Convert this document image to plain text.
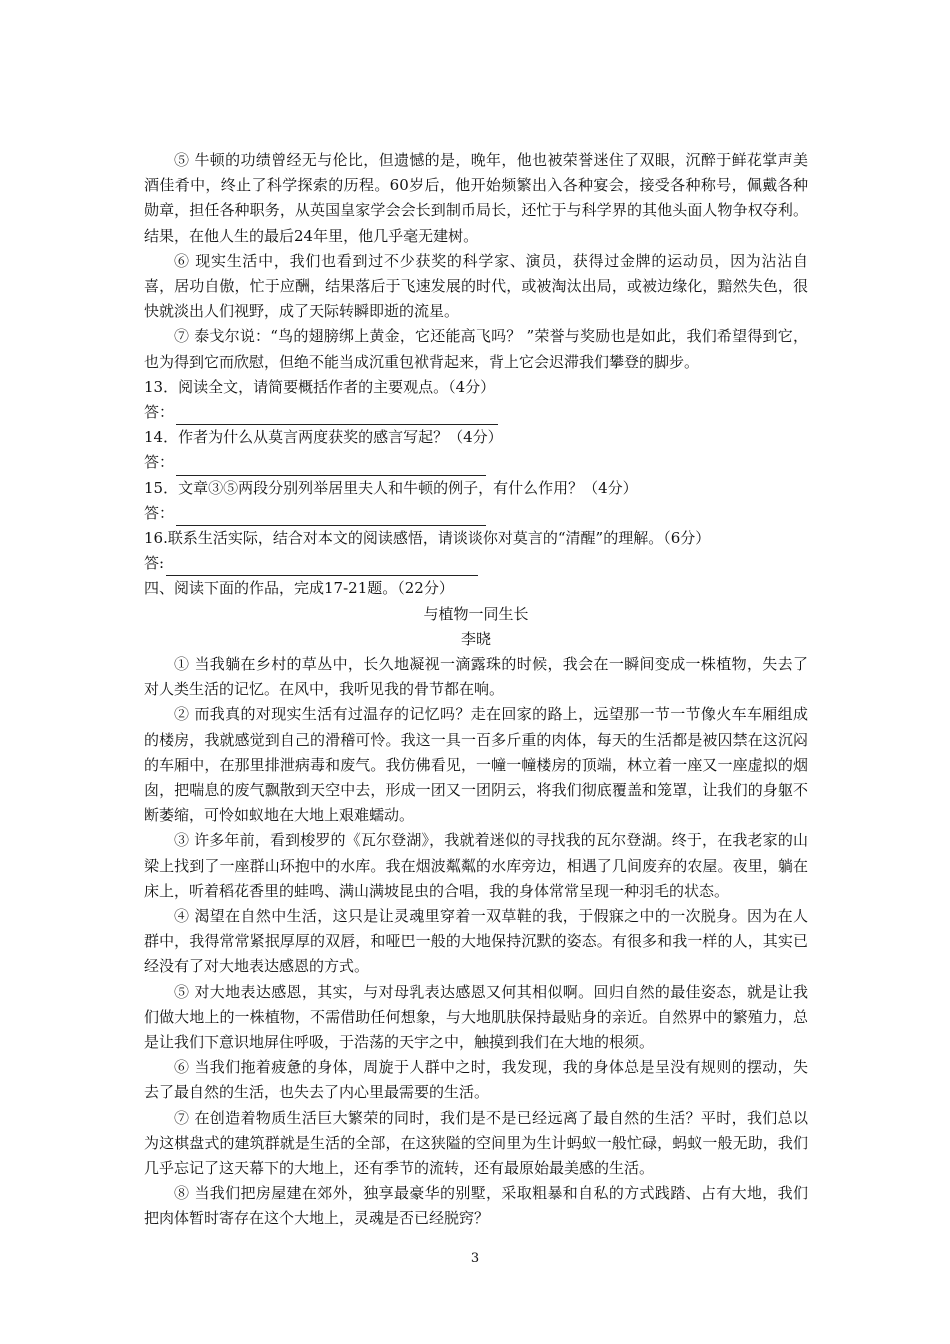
⑤ 牛顿的功绩曾经无与伦比，但遗憾的是，晚年，他也被荣誉迷住了双眼，沉醉于鲜花掌声美酒佳肴中，终止了科学探索的历程。60岁后，他开始频繁出入各种宴会，接受各种称号，佩戴各种勋章，担任各种职务，从英国皇家学会会长到制币局长，还忙于与科学界的其他头面人物争权夺利。结果，在他人生的最后24年里，他几乎毫无建树。

⑥ 现实生活中，我们也看到过不少获奖的科学家、演员，获得过金牌的运动员，因为沾沾自喜，居功自傲，忙于应酬，结果落后于飞速发展的时代，或被淘汰出局，或被边缘化，黯然失色，很快就淡出人们视野，成了天际转瞬即逝的流星。

⑦ 泰戈尔说：“鸟的翅膀绑上黄金，它还能高飞吗？ ”荣誉与奖励也是如此，我们希望得到它，也为得到它而欣慰，但绝不能当成沉重包袱背起来，背上它会迟滞我们攀登的脚步。

13．阅读全文，请简要概括作者的主要观点。（4分）

答：

14．作者为什么从莫言两度获奖的感言写起？（4分）

答：

15．文章③⑤两段分别列举居里夫人和牛顿的例子，有什么作用？（4分）

答：

16.联系生活实际，结合对本文的阅读感悟，请谈谈你对莫言的“清醒”的理解。（6分）

答:

四、阅读下面的作品，完成17-21题。（22分）

与植物一同生长

李晓

① 当我躺在乡村的草丛中，长久地凝视一滴露珠的时候，我会在一瞬间变成一株植物，失去了对人类生活的记忆。在风中，我听见我的骨节都在响。

② 而我真的对现实生活有过温存的记忆吗？走在回家的路上，远望那一节一节像火车车厢组成的楼房，我就感觉到自己的滑稽可怜。我这一具一百多斤重的肉体，每天的生活都是被囚禁在这沉闷的车厢中，在那里排泄病毒和废气。我仿佛看见，一幢一幢楼房的顶端，林立着一座又一座虚拟的烟囱，把喘息的废气飘散到天空中去，形成一团又一团阴云，将我们彻底覆盖和笼罩，让我们的身躯不断萎缩，可怜如蚁地在大地上艰难蠕动。

③ 许多年前，看到梭罗的《瓦尔登湖》，我就着迷似的寻找我的瓦尔登湖。终于，在我老家的山梁上找到了一座群山环抱中的水库。我在烟波粼粼的水库旁边，相遇了几间废弃的农屋。夜里，躺在床上，听着稻花香里的蛙鸣、满山满坡昆虫的合唱，我的身体常常呈现一种羽毛的状态。

④ 渴望在自然中生活，这只是让灵魂里穿着一双草鞋的我，于假寐之中的一次脱身。因为在人群中，我得常常紧抿厚厚的双唇，和哑巴一般的大地保持沉默的姿态。有很多和我一样的人，其实已经没有了对大地表达感恩的方式。

⑤ 对大地表达感恩，其实，与对母乳表达感恩又何其相似啊。回归自然的最佳姿态，就是让我们做大地上的一株植物，不需借助任何想象，与大地肌肤保持最贴身的亲近。自然界中的繁殖力，总是让我们下意识地屏住呼吸，于浩荡的天宇之中，触摸到我们在大地的根须。

⑥ 当我们拖着疲惫的身体，周旋于人群中之时，我发现，我的身体总是呈没有规则的摆动，失去了最自然的生活，也失去了内心里最需要的生活。

⑦ 在创造着物质生活巨大繁荣的同时，我们是不是已经远离了最自然的生活？平时，我们总以为这棋盘式的建筑群就是生活的全部，在这狭隘的空间里为生计蚂蚁一般忙碌，蚂蚁一般无助，我们几乎忘记了这天幕下的大地上，还有季节的流转，还有最原始最美感的生活。

⑧ 当我们把房屋建在郊外，独享最豪华的别墅，采取粗暴和自私的方式践踏、占有大地，我们把肉体暂时寄存在这个大地上，灵魂是否已经脱窍？

3
